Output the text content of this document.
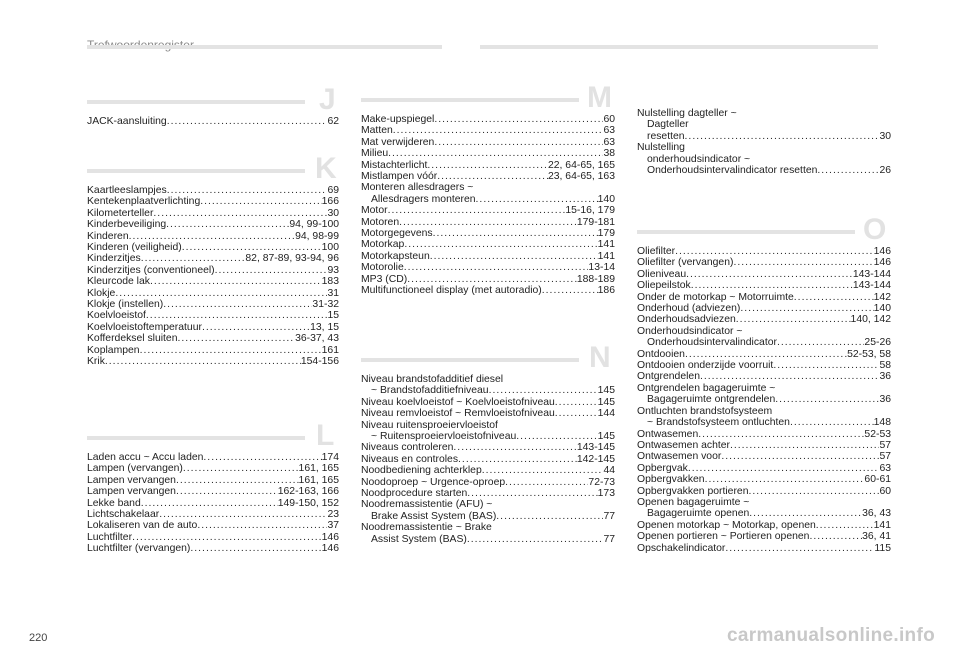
J
JACK-aansluiting .....	62
K
Kaartleeslampjes .....	69
Kentekenplaatverlichting .....	166
Kilometerteller .....	30
Kinderbeveiliging .....	94, 99-100
Kinderen .....	94, 98-99
Kinderen (veiligheid) .....	100
Kinderzitjes .....	82, 87-89, 93-94, 96
Kinderzitjes (conventioneel) .....	93
Kleurcode lak .....	183
Klokje .....	31
Klokje (instellen) .....	31-32
Koelvloeistof .....	15
Koelvloeistoftemperatuur .....	13, 15
Kofferdeksel sluiten .....	36-37, 43
Koplampen .....	161
Krik .....	154-156
L
Laden accu ~ Accu laden .....	174
Lampen (vervangen) .....	161, 165
Lampen vervangen .....	161, 165
Lampen vervangen .....	162-163, 166
Lekke band .....	149-150, 152
Lichtschakelaar .....	23
Lokaliseren van de auto .....	37
Luchtfilter .....	146
Luchtfilter (vervangen) .....	146
M
Make-upspiegel .....	60
Matten .....	63
Mat verwijderen .....	63
Milieu .....	38
Mistachterlicht .....	22, 64-65, 165
Mistlampen vóór .....	23, 64-65, 163
Monteren allesdragers ~
Allesdragers monteren .....	140
Motor .....	15-16, 179
Motoren .....	179-181
Motorgegevens .....	179
Motorkap .....	141
Motorkapsteun .....	141
Motorolie .....	13-14
MP3 (CD) .....	188-189
Multifunctioneel display (met autoradio) .....	186
N
Niveau brandstofadditief diesel
~ Brandstofadditiefniveau .....	145
Niveau koelvloeistof ~ Koelvloeistofniveau .....	145
Niveau remvloeistof ~ Remvloeistofniveau .....	144
Niveau ruitensproeiervloeistof
~ Ruitensproeiervloeistofniveau .....	145
Niveaus controleren .....	143-145
Niveaus en controles .....	142-145
Noodbediening achterklep .....	44
Noodoproep ~ Urgence-oproep .....	72-73
Noodprocedure starten .....	173
Noodremassistentie (AFU) ~
Brake Assist System (BAS) .....	77
Noodremassistentie ~ Brake
Assist System (BAS) .....	77
Nulstelling dagteller ~
Dagteller
resetten .....	30
Nulstelling
onderhoudsindicator ~
Onderhoudsintervalindicator resetten .....	26
O
Oliefilter .....	146
Oliefilter (vervangen) .....	146
Olieniveau .....	143-144
Oliepeilstok .....	143-144
Onder de motorkap ~ Motorruimte .....	142
Onderhoud (adviezen) .....	140
Onderhoudsadviezen .....	140, 142
Onderhoudsindicator ~
Onderhoudsintervalindicator .....	25-26
Ontdooien .....	52-53, 58
Ontdooien onderzijde voorruit .....	58
Ontgrendelen .....	36
Ontgrendelen bagageruimte ~
Bagageruimte ontgrendelen .....	36
Ontluchten brandstofsysteem
~ Brandstofsysteem ontluchten .....	148
Ontwasemen .....	52-53
Ontwasemen achter .....	57
Ontwasemen voor .....	57
Opbergvak .....	63
Opbergvakken .....	60-61
Opbergvakken portieren .....	60
Openen bagageruimte ~
Bagageruimte openen .....	36, 43
Openen motorkap ~ Motorkap, openen .....	141
Openen portieren ~ Portieren openen .....	36, 41
Opschakelindicator .....	115
220	carmanualsonline.info
